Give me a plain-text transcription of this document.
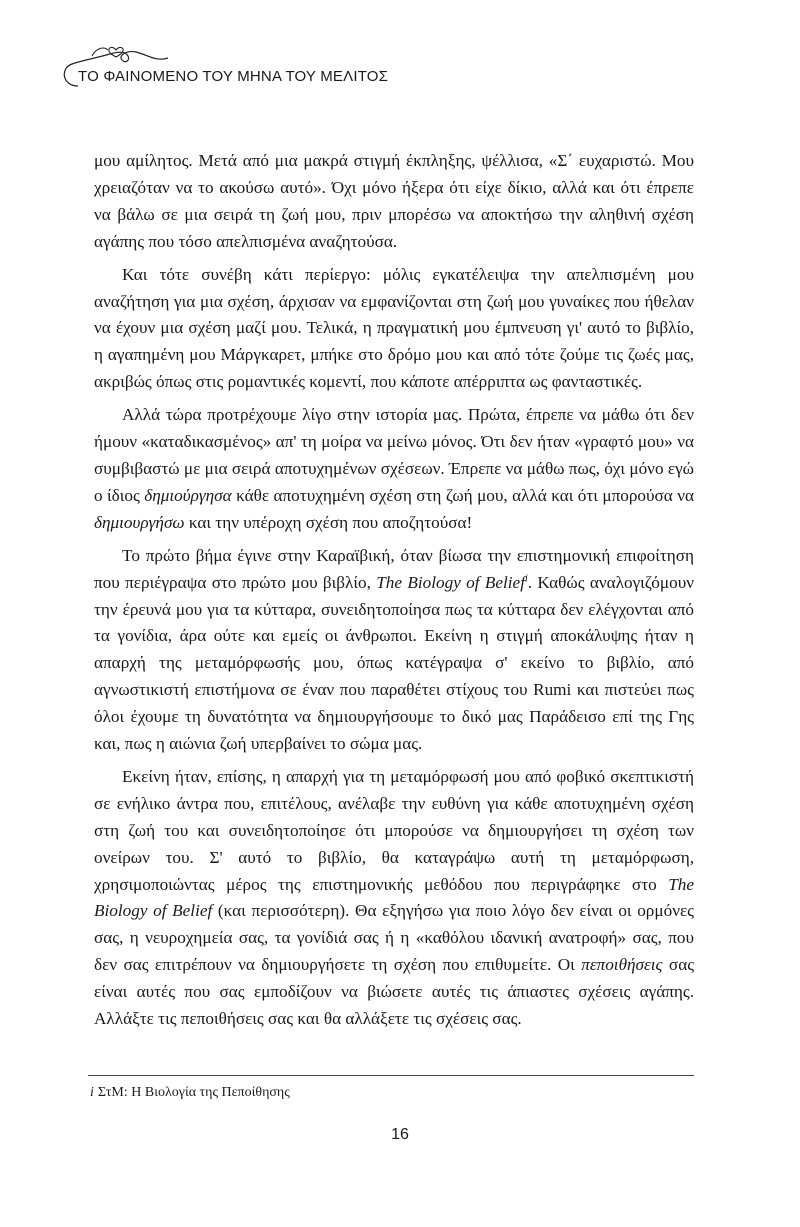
ΤΟ ΦΑΙΝΟΜΕΝΟ ΤΟΥ ΜΗΝΑ ΤΟΥ ΜΕΛΙΤΟΣ

μου αμίλητος. Μετά από μια μακρά στιγμή έκπληξης, ψέλλισα, «Σ΄ ευχαριστώ. Μου χρειαζόταν να το ακούσω αυτό». Όχι μόνο ήξερα ότι είχε δίκιο, αλλά και ότι έπρεπε να βάλω σε μια σειρά τη ζωή μου, πριν μπορέσω να αποκτήσω την αληθινή σχέση αγάπης που τόσο απελπισμένα αναζητούσα.

Και τότε συνέβη κάτι περίεργο: μόλις εγκατέλειψα την απελπισμένη μου αναζήτηση για μια σχέση, άρχισαν να εμφανίζονται στη ζωή μου γυναίκες που ήθελαν να έχουν μια σχέση μαζί μου. Τελικά, η πραγματική μου έμπνευση γι' αυτό το βιβλίο, η αγαπημένη μου Μάργκαρετ, μπήκε στο δρόμο μου και από τότε ζούμε τις ζωές μας, ακριβώς όπως στις ρομαντικές κομεντί, που κάποτε απέρριπτα ως φανταστικές.

Αλλά τώρα προτρέχουμε λίγο στην ιστορία μας. Πρώτα, έπρεπε να μάθω ότι δεν ήμουν «καταδικασμένος» απ' τη μοίρα να μείνω μόνος. Ότι δεν ήταν «γραφτό μου» να συμβιβαστώ με μια σειρά αποτυχημένων σχέσεων. Έπρεπε να μάθω πως, όχι μόνο εγώ ο ίδιος δημιούργησα κάθε αποτυχημένη σχέση στη ζωή μου, αλλά και ότι μπορούσα να δημιουργήσω και την υπέροχη σχέση που αποζητούσα!

Το πρώτο βήμα έγινε στην Καραϊβική, όταν βίωσα την επιστημονική επιφοίτηση που περιέγραψα στο πρώτο μου βιβλίο, The Biology of Belief$^i$. Καθώς αναλογιζόμουν την έρευνά μου για τα κύτταρα, συνειδητοποίησα πως τα κύτταρα δεν ελέγχονται από τα γονίδια, άρα ούτε και εμείς οι άνθρωποι. Εκείνη η στιγμή αποκάλυψης ήταν η απαρχή της μεταμόρφωσής μου, όπως κατέγραψα σ' εκείνο το βιβλίο, από αγνωστικιστή επιστήμονα σε έναν που παραθέτει στίχους του Rumi και πιστεύει πως όλοι έχουμε τη δυνατότητα να δημιουργήσουμε το δικό μας Παράδεισο επί της Γης και, πως η αιώνια ζωή υπερβαίνει το σώμα μας.

Εκείνη ήταν, επίσης, η απαρχή για τη μεταμόρφωσή μου από φοβικό σκεπτικιστή σε ενήλικο άντρα που, επιτέλους, ανέλαβε την ευθύνη για κάθε αποτυχημένη σχέση στη ζωή του και συνειδητοποίησε ότι μπορούσε να δημιουργήσει τη σχέση των ονείρων του. Σ' αυτό το βιβλίο, θα καταγράψω αυτή τη μεταμόρφωση, χρησιμοποιώντας μέρος της επιστημονικής μεθόδου που περιγράφηκε στο The Biology of Belief (και περισσότερη). Θα εξηγήσω για ποιο λόγο δεν είναι οι ορμόνες σας, η νευροχημεία σας, τα γονίδιά σας ή η «καθόλου ιδανική ανατροφή» σας, που δεν σας επιτρέπουν να δημιουργήσετε τη σχέση που επιθυμείτε. Οι πεποιθήσεις σας είναι αυτές που σας εμποδίζουν να βιώσετε αυτές τις άπιαστες σχέσεις αγάπης. Αλλάξτε τις πεποιθήσεις σας και θα αλλάξετε τις σχέσεις σας.

i ΣτΜ: Η Βιολογία της Πεποίθησης
16
